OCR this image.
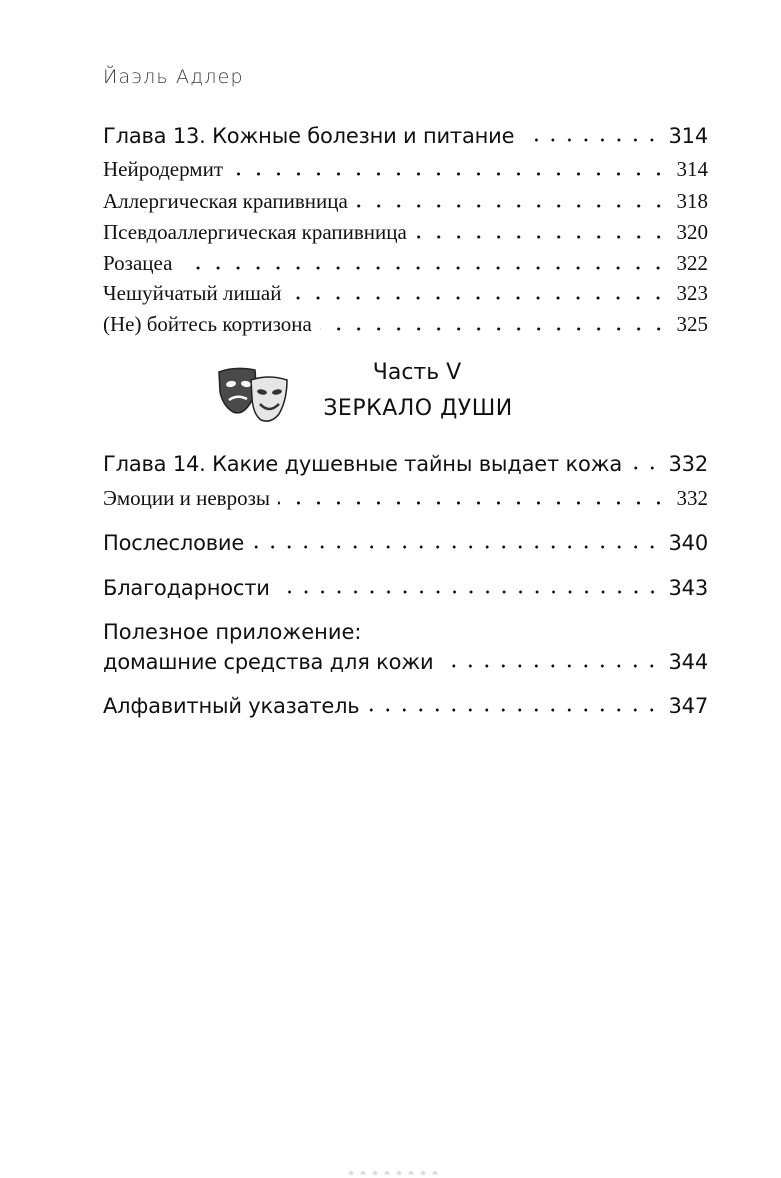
Йаэль Адлер
Глава 13. Кожные болезни и питание	314
Нейродермит	314
Аллергическая крапивница	318
Псевдоаллергическая крапивница	320
Розацеа	322
Чешуйчатый лишай	323
(Не) бойтесь кортизона	325
Часть V
ЗЕРКАЛО ДУШИ
Глава 14. Какие душевные тайны выдает кожа 332
Эмоции и неврозы	332
Послесловие	340
Благодарности	343
Полезное приложение:
домашние средства для кожи	344
Алфавитный указатель	347
